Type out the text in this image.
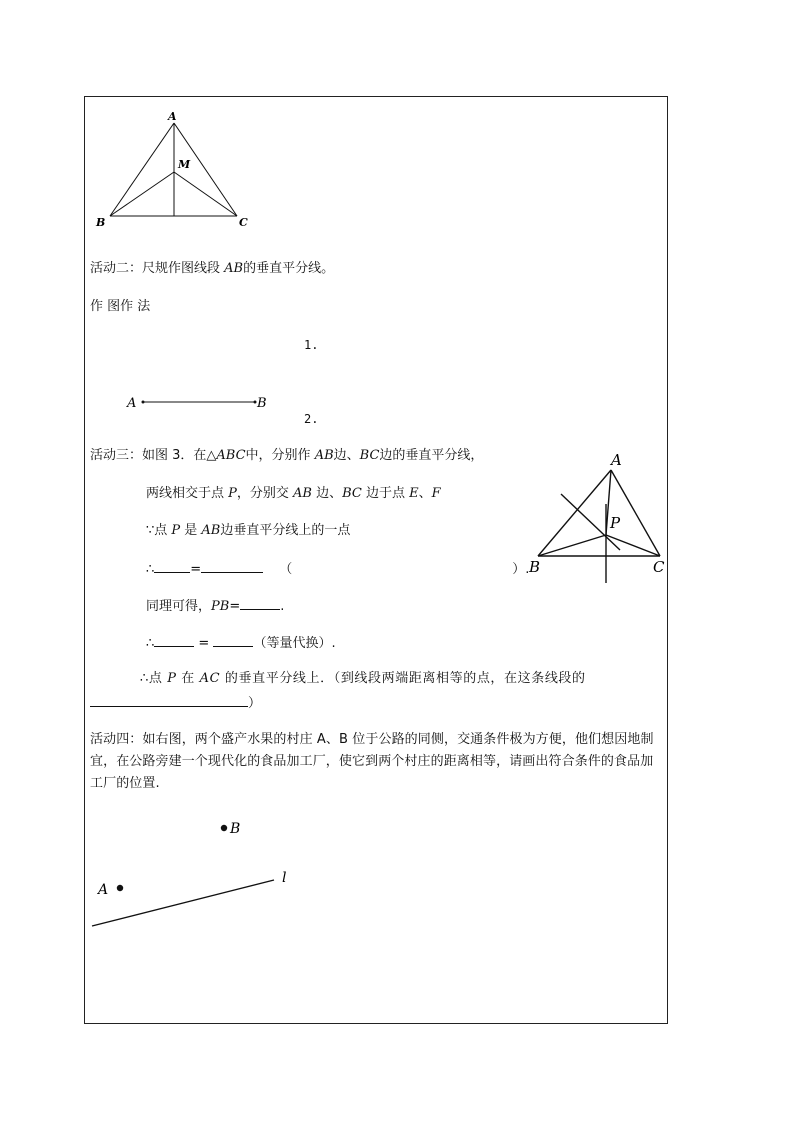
A
M
B	C
活动二：尺规作图线段 AB的垂直平分线。
作 图作 法
1.
A	B
2.
活动三：如图 3．在△ABC中，分别作 AB边、BC边的垂直平分线，
两线相交于点 P，分别交 AB 边、BC 边于点 E、F
∵点 P 是 AB边垂直平分线上的一点
∴	=	（	）.
A
P
B	C
同理可得，PB=	.
∴	=	（等量代换）.
∴点 P 在 AC 的垂直平分线上．（到线段两端距离相等的点，在这条线段的
）
活动四：如右图，两个盛产水果的村庄 A、B 位于公路的同侧，交通条件极为方便，他们想因地制宜，在公路旁建一个现代化的食品加工厂，使它到两个村庄的距离相等，请画出符合条件的食品加工厂的位置.
B
A
l
